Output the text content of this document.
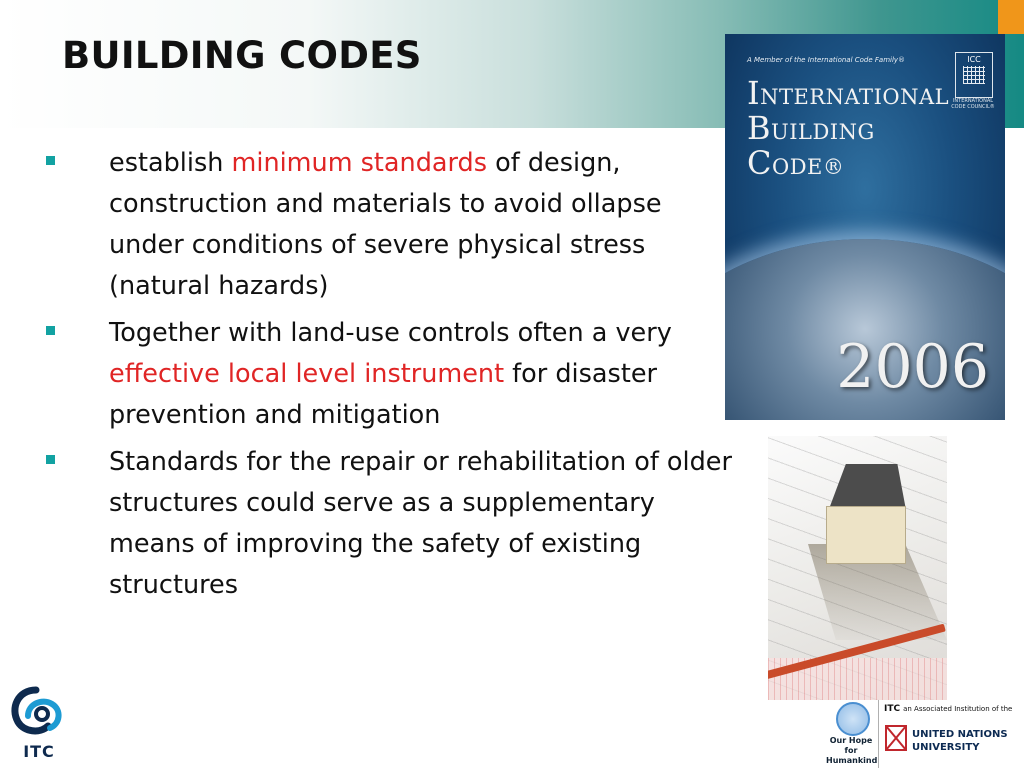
BUILDING CODES
establish minimum standards of design, construction and materials to avoid ollapse under conditions of severe physical stress (natural hazards)
Together with land-use controls often a very effective local level instrument for disaster prevention and mitigation
Standards for the repair or rehabilitation of older structures could serve as a supplementary means of improving the safety of existing structures
A Member of the International Code Family®
INTERNATIONAL
BUILDING
CODE®
ICC
INTERNATIONAL CODE COUNCIL®
2006
ITC
Our Hope for Humankind
ITC an Associated Institution of the
UNITED NATIONS
UNIVERSITY
